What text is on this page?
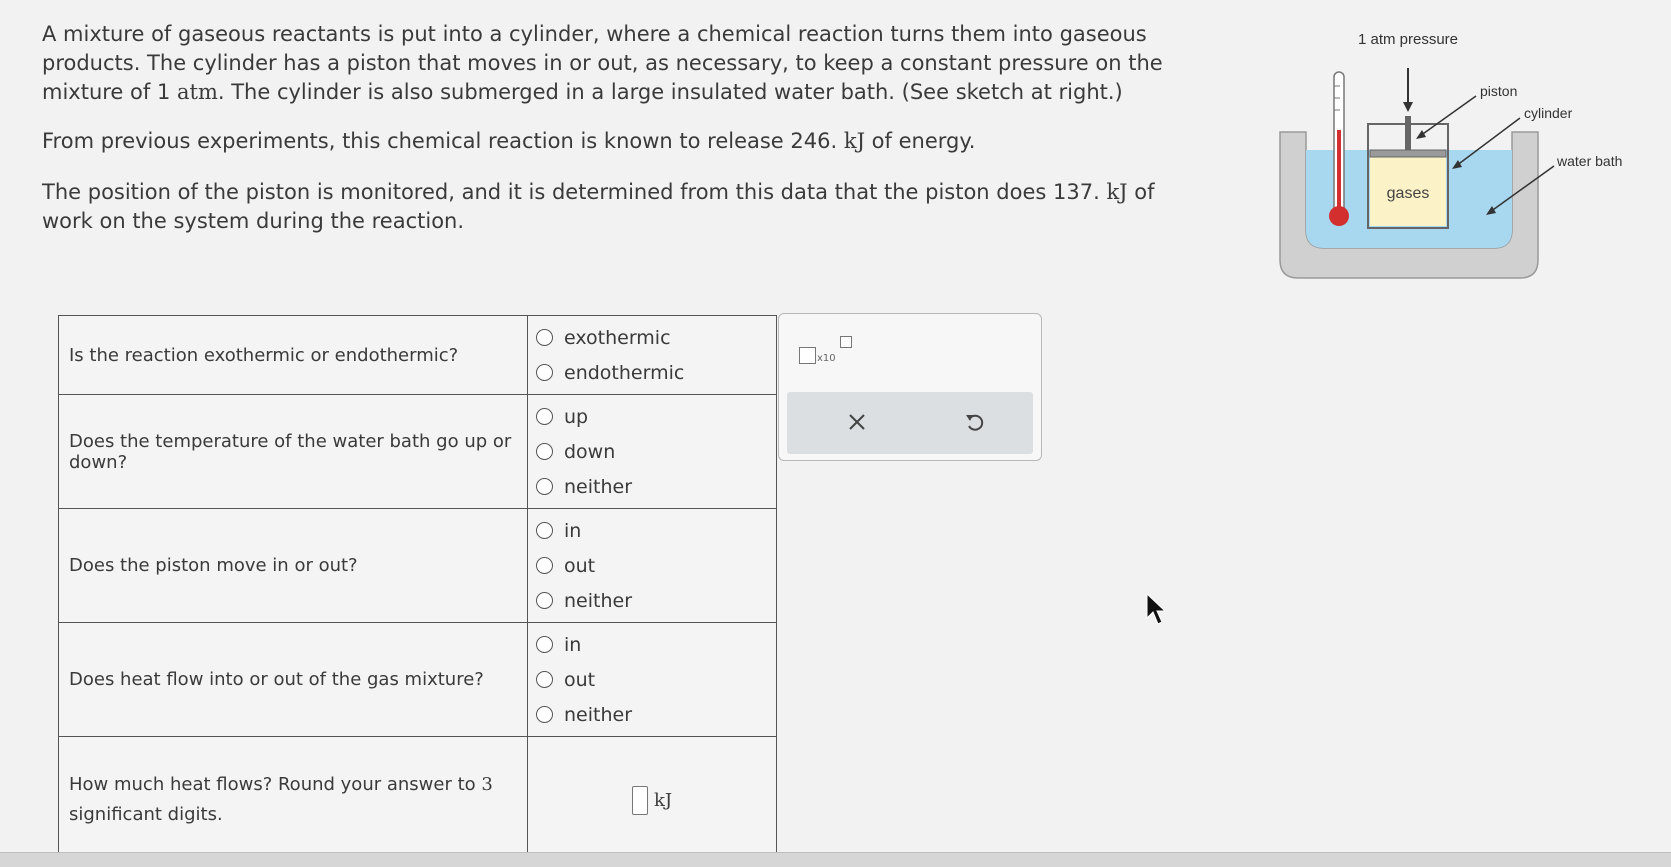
A mixture of gaseous reactants is put into a cylinder, where a chemical reaction turns them into gaseous products. The cylinder has a piston that moves in or out, as necessary, to keep a constant pressure on the mixture of 1 atm. The cylinder is also submerged in a large insulated water bath. (See sketch at right.)

From previous experiments, this chemical reaction is known to release 246. kJ of energy.

The position of the piston is monitored, and it is determined from this data that the piston does 137. kJ of work on the system during the reaction.

gases
1 atm pressure
piston
cylinder
water bath
Is the reaction exothermic or endothermic?	exothermic
endothermic

Does the temperature of the water bath go up or down?	up
down
neither

Does the piston move in or out?	in
out
neither

Does heat flow into or out of the gas mixture?	in
out
neither

How much heat flows? Round your answer to 3 significant digits.	kJ
x10
